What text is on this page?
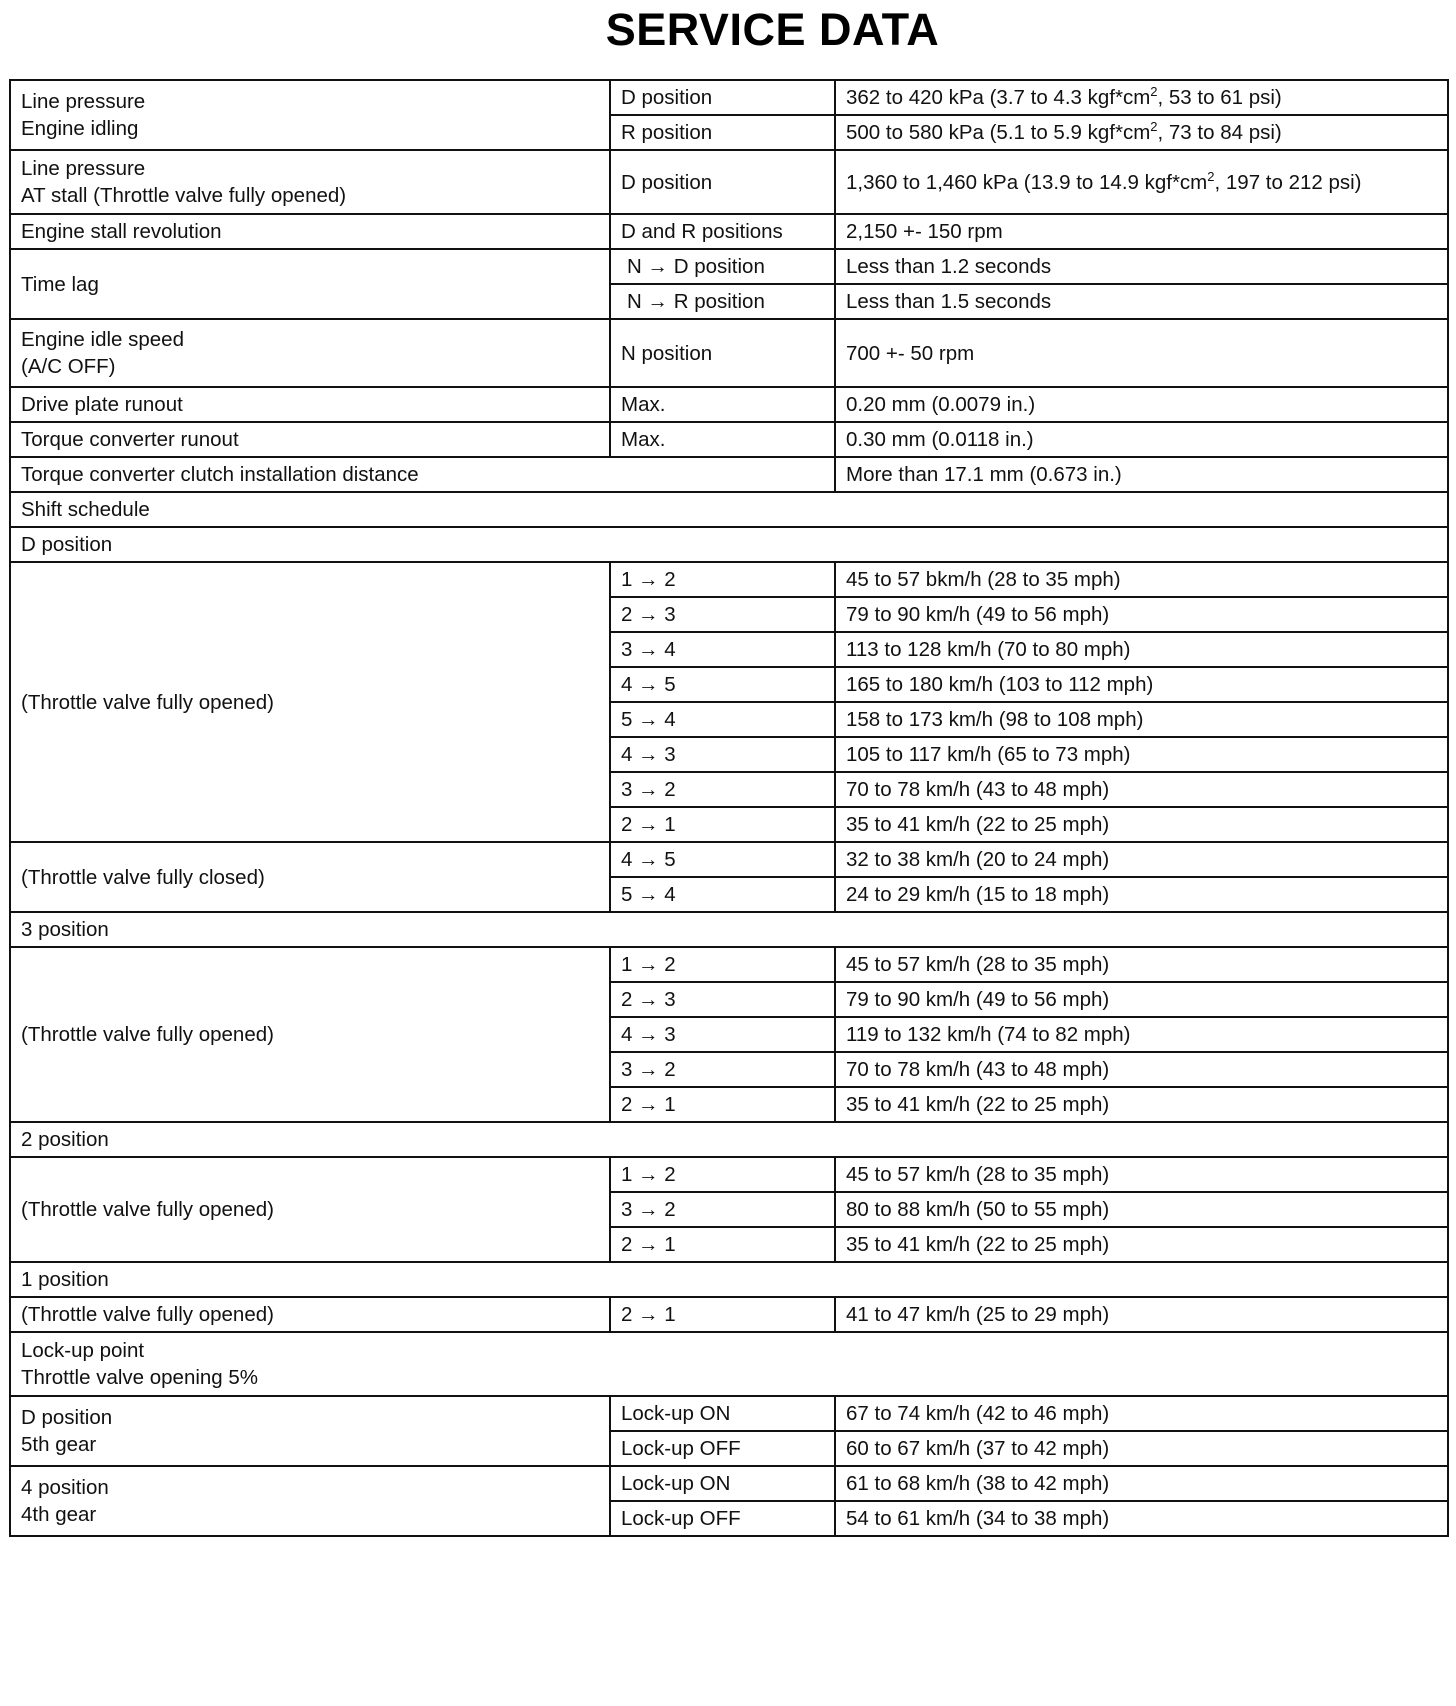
SERVICE DATA
Line pressure
Engine idling	D position	362 to 420 kPa (3.7 to 4.3 $kgf*cm^2$, 53 to 61 psi)
	R position	500 to 580 kPa (5.1 to 5.9 $kgf*cm^2$, 73 to 84 psi)

Line pressure
AT stall (Throttle valve fully opened)	D position	1,360 to 1,460 kPa (13.9 to 14.9 $kgf*cm^2$, 197 to 212 psi)
Engine stall revolution	D and R positions	2,150 +- 150 rpm
Time lag	N → D position	Less than 1.2 seconds
	N → R position	Less than 1.5 seconds

Engine idle speed
(A/C OFF)	N position	700 +- 50 rpm
Drive plate runout	Max.	0.20 mm (0.0079 in.)
Torque converter runout	Max.	0.30 mm (0.0118 in.)
Torque converter clutch installation distance		More than 17.1 mm (0.673 in.)
Shift schedule		
D position		
(Throttle valve fully opened)	1 → 2	45 to 57 bkm/h (28 to 35 mph)
	2 → 3	79 to 90 km/h (49 to 56 mph)
	3 → 4	113 to 128 km/h (70 to 80 mph)
	4 → 5	165 to 180 km/h (103 to 112 mph)
	5 → 4	158 to 173 km/h (98 to 108 mph)
	4 → 3	105 to 117 km/h (65 to 73 mph)
	3 → 2	70 to 78 km/h (43 to 48 mph)
	2 → 1	35 to 41 km/h (22 to 25 mph)
(Throttle valve fully closed)	4 → 5	32 to 38 km/h (20 to 24 mph)
	5 → 4	24 to 29 km/h (15 to 18 mph)
3 position		
(Throttle valve fully opened)	1 → 2	45 to 57 km/h (28 to 35 mph)
	2 → 3	79 to 90 km/h (49 to 56 mph)
	4 → 3	119 to 132 km/h (74 to 82 mph)
	3 → 2	70 to 78 km/h (43 to 48 mph)
	2 → 1	35 to 41 km/h (22 to 25 mph)
2 position		
(Throttle valve fully opened)	1 → 2	45 to 57 km/h (28 to 35 mph)
	3 → 2	80 to 88 km/h (50 to 55 mph)
	2 → 1	35 to 41 km/h (22 to 25 mph)
1 position		
(Throttle valve fully opened)	2 → 1	41 to 47 km/h (25 to 29 mph)

Lock-up point
Throttle valve opening 5%		

D position
5th gear	Lock-up ON	67 to 74 km/h (42 to 46 mph)
	Lock-up OFF	60 to 67 km/h (37 to 42 mph)

4 position
4th gear	Lock-up ON	61 to 68 km/h (38 to 42 mph)
	Lock-up OFF	54 to 61 km/h (34 to 38 mph)
